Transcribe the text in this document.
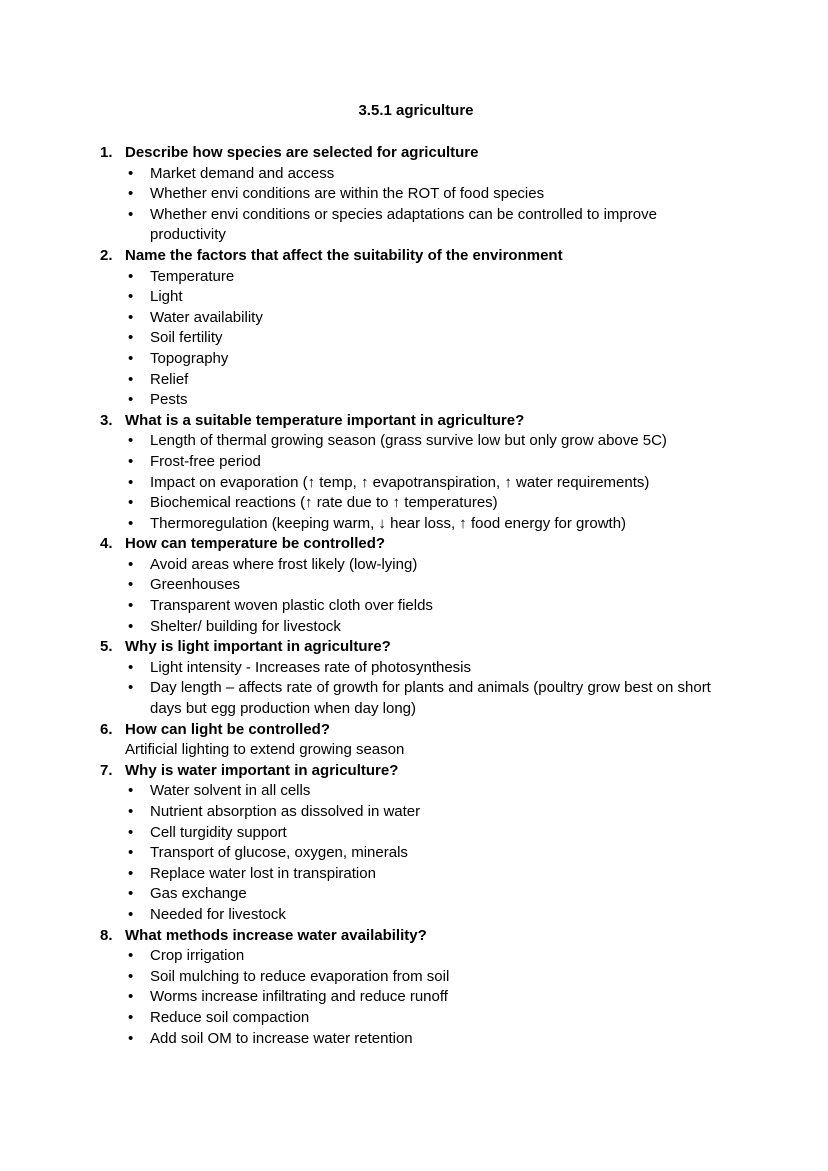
3.5.1 agriculture
1. Describe how species are selected for agriculture
•	Market demand and access
•	Whether envi conditions are within the ROT of food species
•	Whether envi conditions or species adaptations can be controlled to improve productivity
2. Name the factors that affect the suitability of the environment
•	Temperature
•	Light
•	Water availability
•	Soil fertility
•	Topography
•	Relief
•	Pests
3. What is a suitable temperature important in agriculture?
•	Length of thermal growing season (grass survive low but only grow above 5C)
•	Frost-free period
•	Impact on evaporation (↑ temp, ↑ evapotranspiration, ↑ water requirements)
•	Biochemical reactions (↑ rate due to ↑ temperatures)
•	Thermoregulation (keeping warm, ↓ hear loss, ↑ food energy for growth)
4. How can temperature be controlled?
•	Avoid areas where frost likely (low-lying)
•	Greenhouses
•	Transparent woven plastic cloth over fields
•	Shelter/ building for livestock
5. Why is light important in agriculture?
•	Light intensity - Increases rate of photosynthesis
•	Day length – affects rate of growth for plants and animals (poultry grow best on short days but egg production when day long)
6. How can light be controlled?
Artificial lighting to extend growing season
7. Why is water important in agriculture?
•	Water solvent in all cells
•	Nutrient absorption as dissolved in water
•	Cell turgidity support
•	Transport of glucose, oxygen, minerals
•	Replace water lost in transpiration
•	Gas exchange
•	Needed for livestock
8. What methods increase water availability?
•	Crop irrigation
•	Soil mulching to reduce evaporation from soil
•	Worms increase infiltrating and reduce runoff
•	Reduce soil compaction
•	Add soil OM to increase water retention
